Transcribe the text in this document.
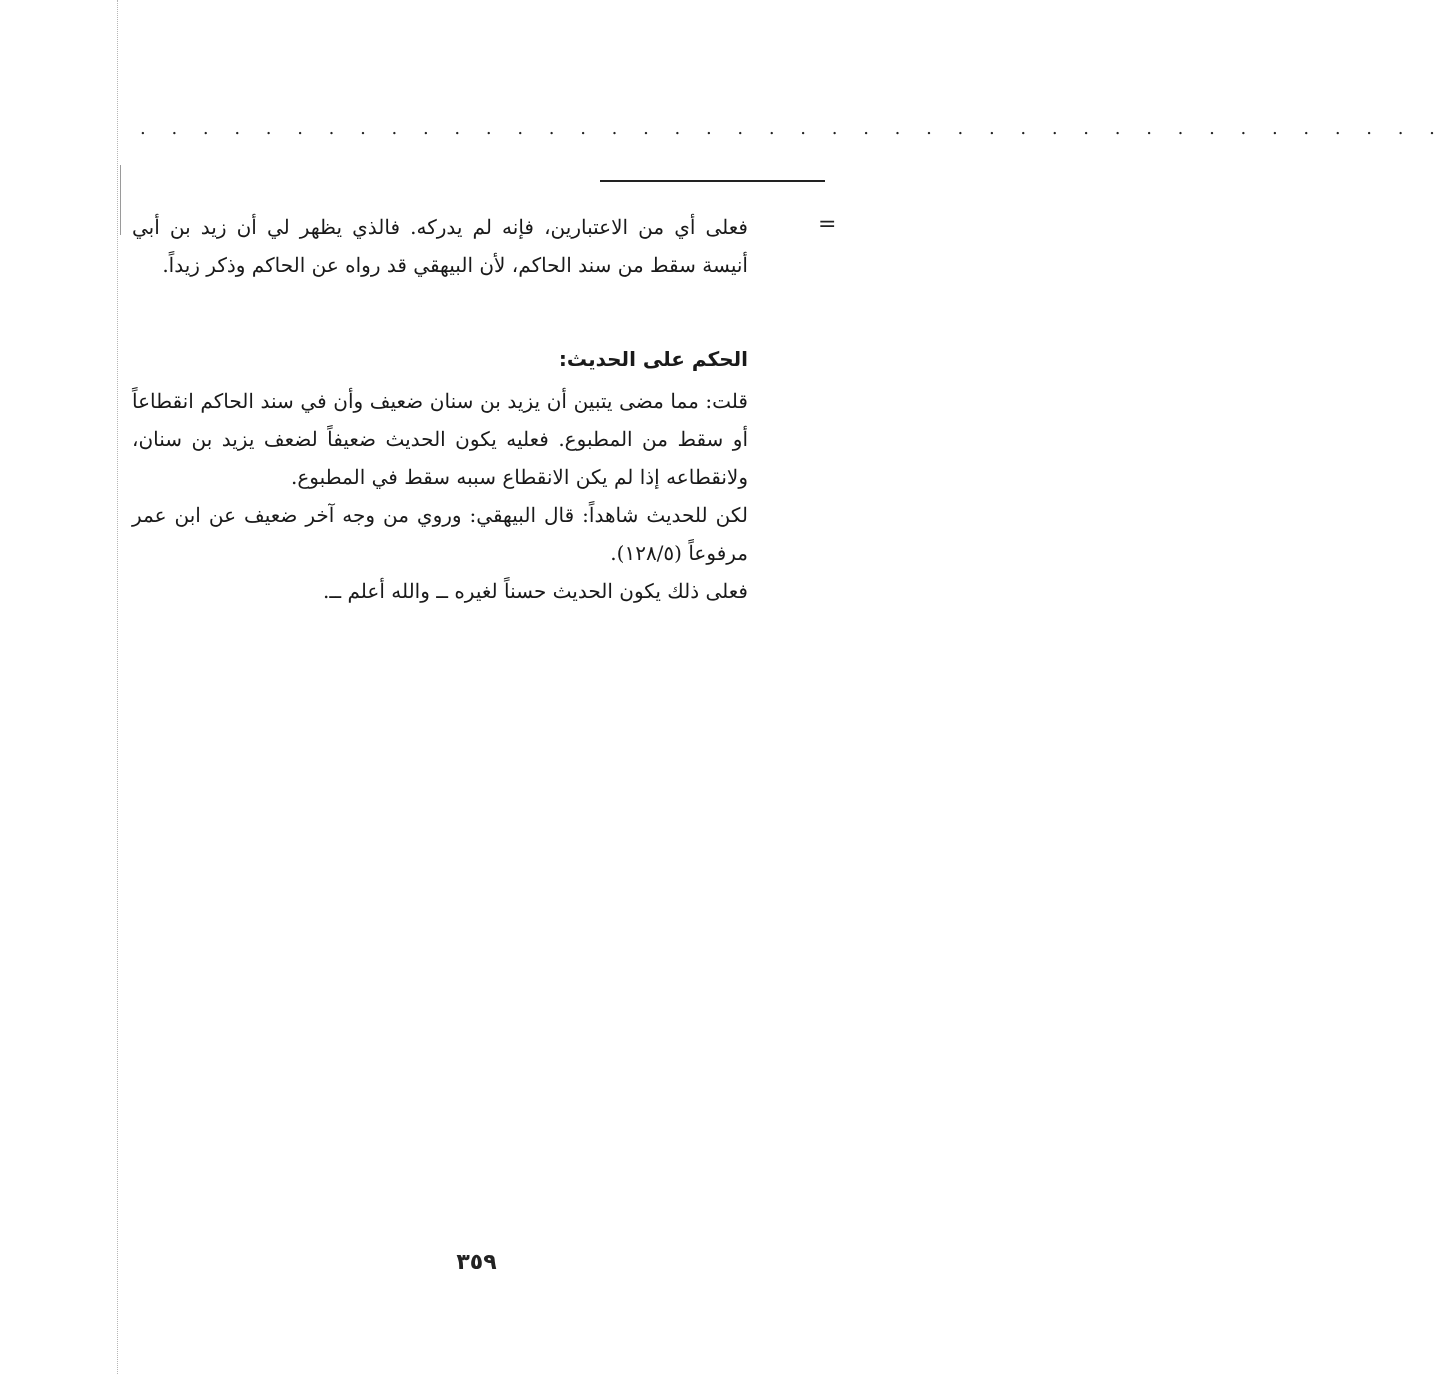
. . . . . . . . . . . . . . . . . . . . . . . . . . . . . . . . . . . . . . . . . .
=

فعلى أي من الاعتبارين، فإنه لم يدركه. فالذي يظهر لي أن زيد بن أبي أنيسة سقط من سند الحاكم، لأن البيهقي قد رواه عن الحاكم وذكر زيداً.

الحكم على الحديث:

قلت: مما مضى يتبين أن يزيد بن سنان ضعيف وأن في سند الحاكم انقطاعاً أو سقط من المطبوع. فعليه يكون الحديث ضعيفاً لضعف يزيد بن سنان، ولانقطاعه إذا لم يكن الانقطاع سببه سقط في المطبوع.

لكن للحديث شاهداً: قال البيهقي: وروي من وجه آخر ضعيف عن ابن عمر مرفوعاً (١٢٨/٥).

فعلى ذلك يكون الحديث حسناً لغيره ــ والله أعلم ــ.

٣٥٩
